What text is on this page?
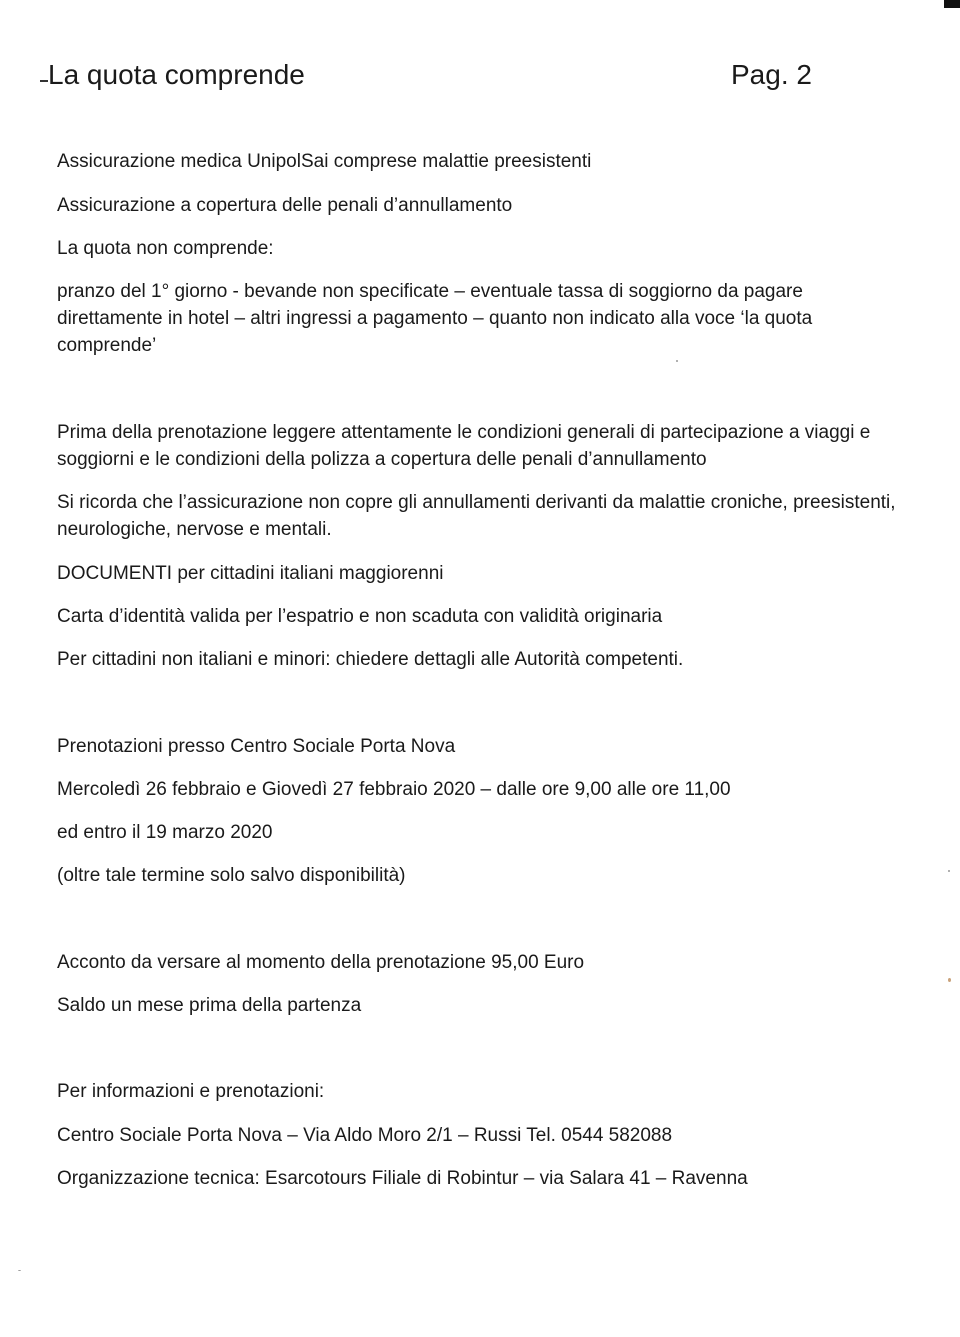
La quota comprende	Pag. 2

Assicurazione medica UnipolSai comprese malattie preesistenti

Assicurazione a copertura delle penali d’annullamento

La quota non comprende:

pranzo del 1° giorno - bevande non specificate – eventuale tassa di soggiorno da pagare direttamente in hotel – altri ingressi a pagamento – quanto non indicato alla voce ‘la quota comprende’

Prima della prenotazione leggere attentamente le condizioni generali di partecipazione a viaggi e soggiorni e le condizioni della polizza a copertura delle penali d’annullamento

Si ricorda che l’assicurazione non copre gli annullamenti derivanti da malattie croniche, preesistenti, neurologiche, nervose e mentali.

DOCUMENTI per cittadini italiani maggiorenni

Carta d’identità valida per l’espatrio e non scaduta con validità originaria

Per cittadini non italiani e minori: chiedere dettagli alle Autorità competenti.

Prenotazioni presso Centro Sociale Porta Nova

Mercoledì 26 febbraio e Giovedì 27 febbraio 2020 – dalle ore 9,00 alle ore 11,00

ed entro il 19 marzo 2020

(oltre tale termine solo salvo disponibilità)

Acconto da versare al momento della prenotazione 95,00 Euro

Saldo un mese prima della partenza

Per informazioni e prenotazioni:

Centro Sociale Porta Nova – Via Aldo Moro 2/1 – Russi Tel. 0544 582088

Organizzazione tecnica: Esarcotours Filiale di Robintur – via Salara 41 – Ravenna
